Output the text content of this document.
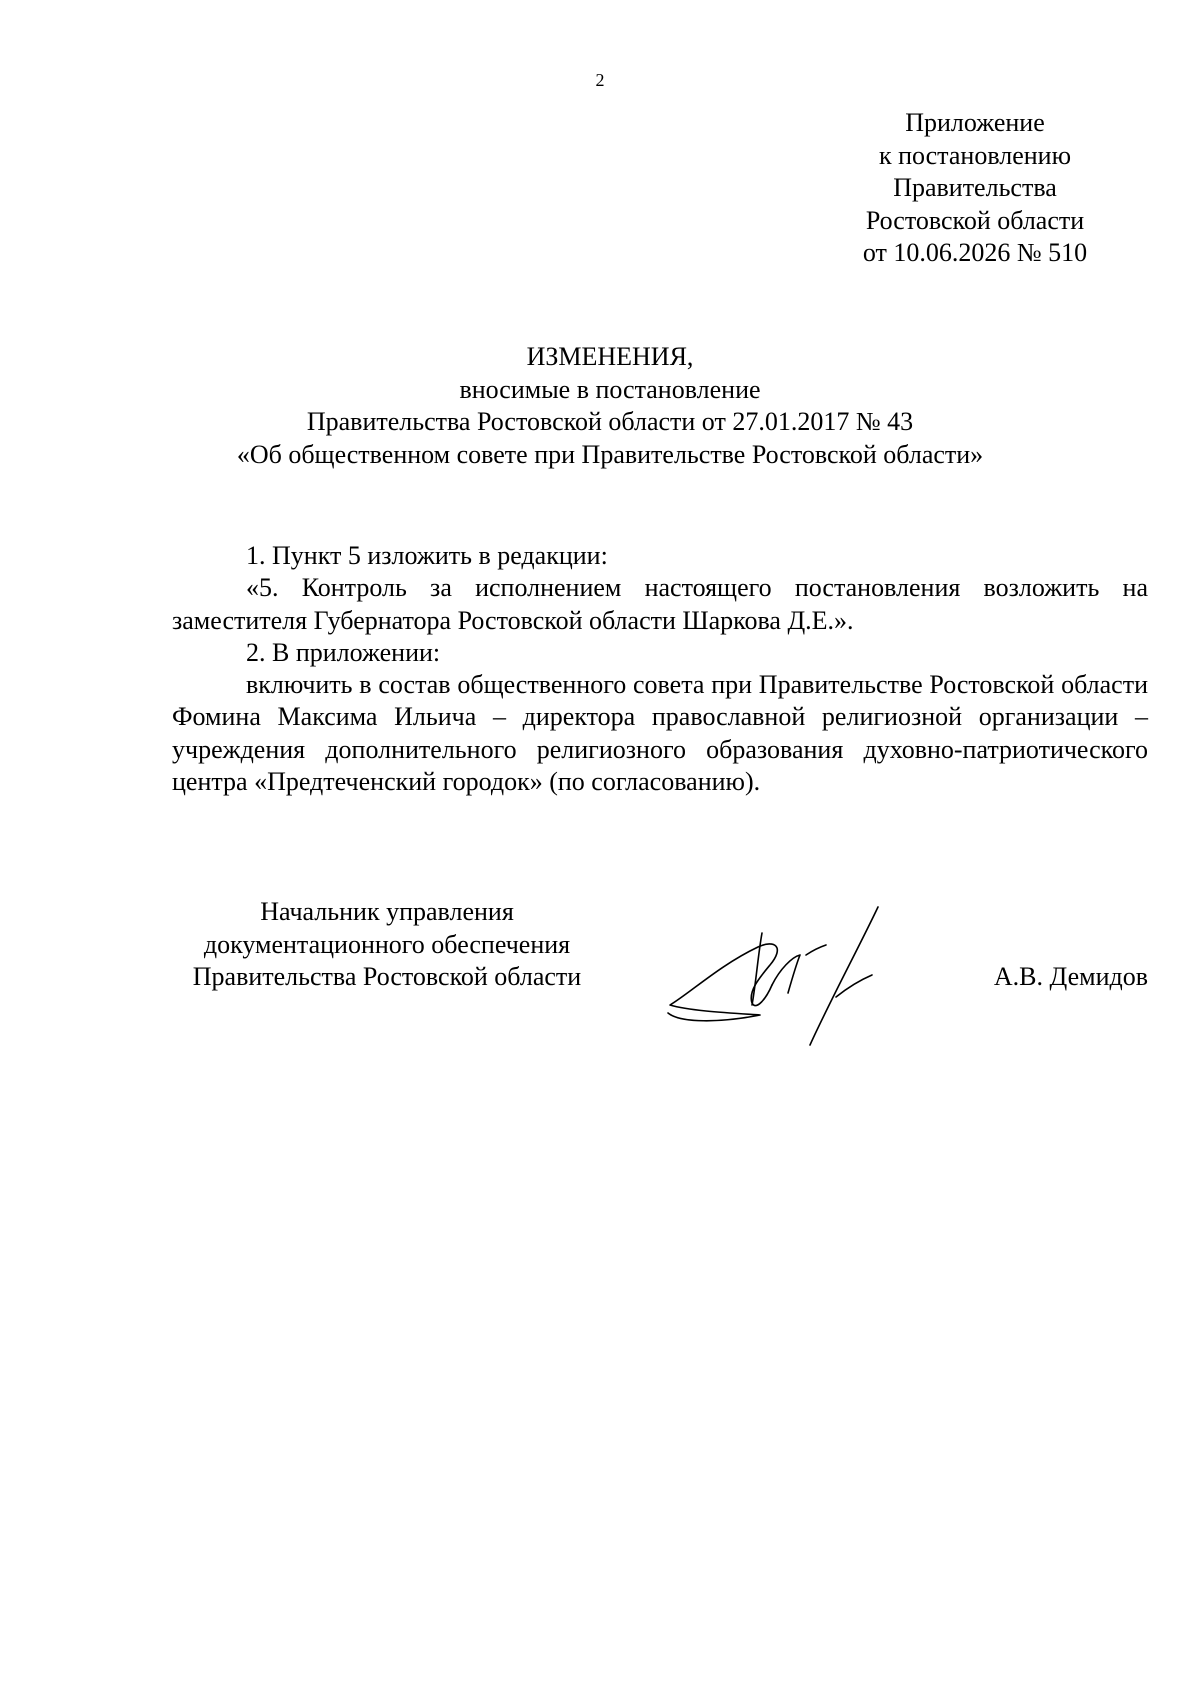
2
Приложение
к постановлению
Правительства
Ростовской области
от 10.06.2026 № 510
ИЗМЕНЕНИЯ,
вносимые в постановление
Правительства Ростовской области от 27.01.2017 № 43
«Об общественном совете при Правительстве Ростовской области»
1. Пункт 5 изложить в редакции:
«5. Контроль за исполнением настоящего постановления возложить на заместителя Губернатора Ростовской области Шаркова Д.Е.».
2. В приложении:
включить в состав общественного совета при Правительстве Ростовской области Фомина Максима Ильича – директора православной религиозной организации – учреждения дополнительного религиозного образования духовно-патриотического центра «Предтеченский городок» (по согласованию).
Начальник управления
документационного обеспечения
Правительства Ростовской области	А.В. Демидов
